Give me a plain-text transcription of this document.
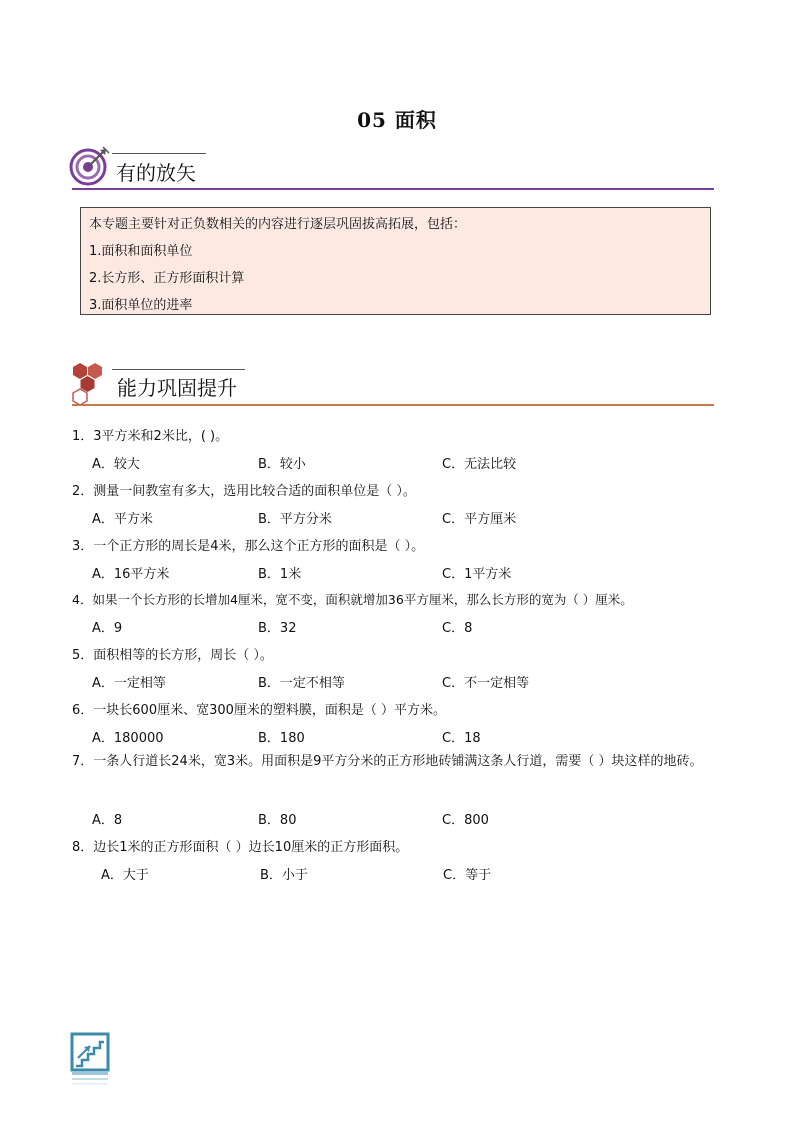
05 面积
有的放矢
本专题主要针对正负数相关的内容进行逐层巩固拔高拓展，包括：
1.面积和面积单位
2.长方形、正方形面积计算
3.面积单位的进率
能力巩固提升
1．3平方米和2米比，( )。
A．较大	B．较小	C．无法比较
2．测量一间教室有多大，选用比较合适的面积单位是（ ）。
A．平方米	B．平方分米	C．平方厘米
3．一个正方形的周长是4米，那么这个正方形的面积是（ ）。
A．16平方米	B．1米	C．1平方米
4．如果一个长方形的长增加4厘米，宽不变，面积就增加36平方厘米，那么长方形的宽为（ ）厘米。
A．9	B．32	C．8
5．面积相等的长方形，周长（ ）。
A．一定相等	B．一定不相等	C．不一定相等
6．一块长600厘米、宽300厘米的塑料膜，面积是（ ）平方米。
A．180000	B．180	C．18
7．一条人行道长24米，宽3米。用面积是9平方分米的正方形地砖铺满这条人行道，需要（ ）块这样的地砖。
A．8	B．80	C．800
8．边长1米的正方形面积（ ）边长10厘米的正方形面积。
A．大于	B．小于	C．等于
